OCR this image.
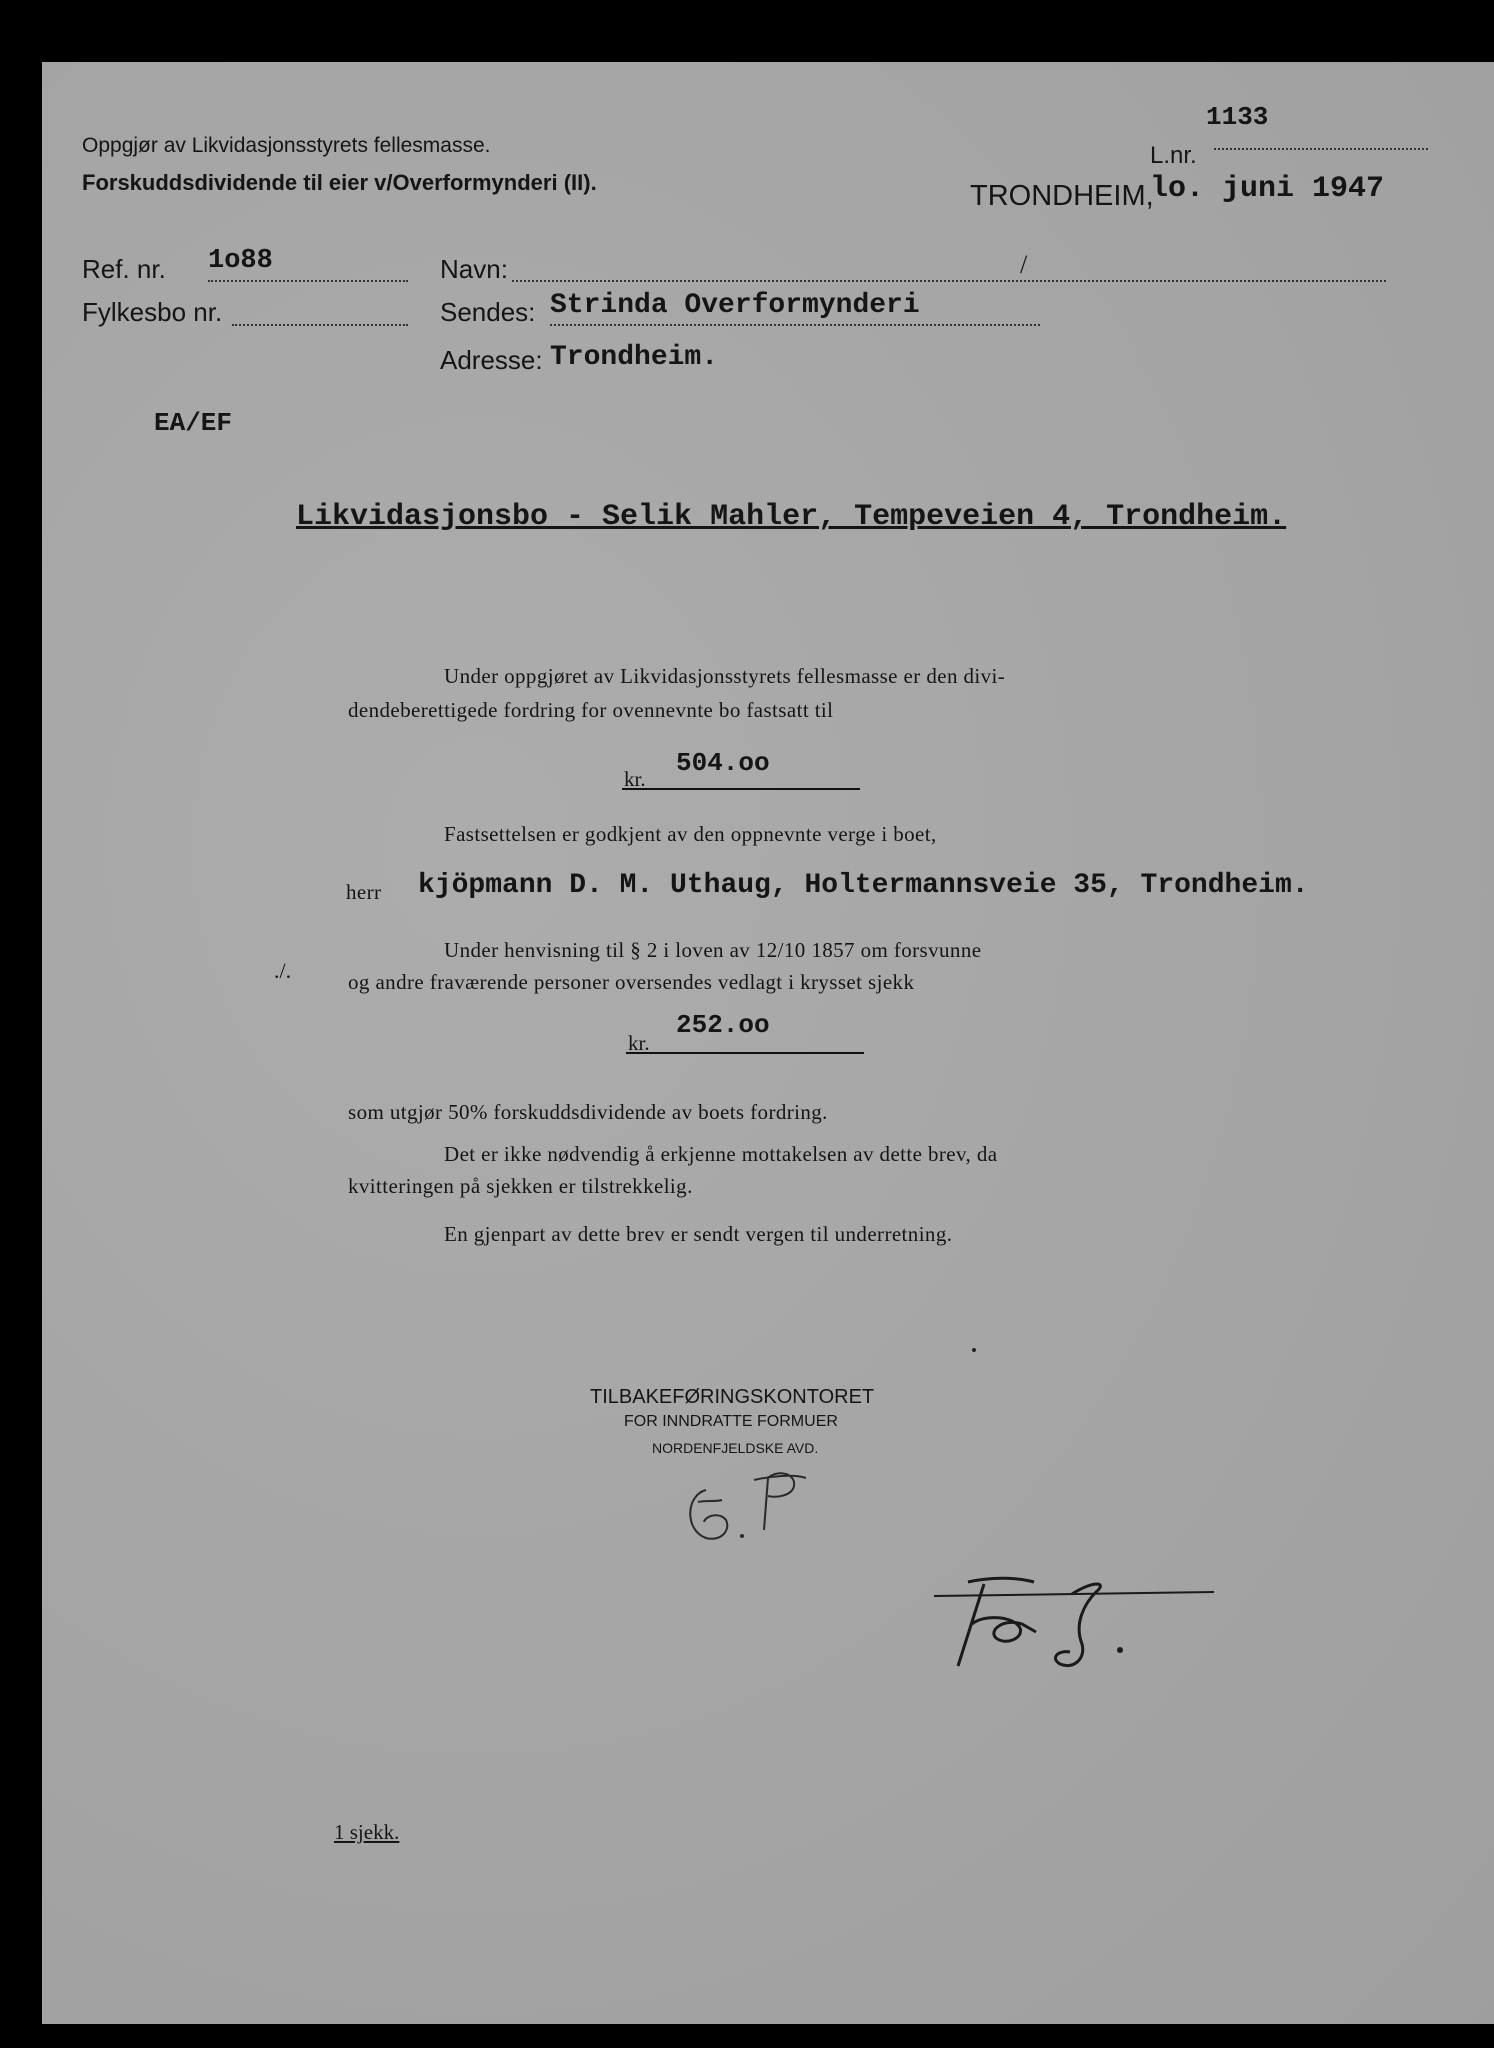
Oppgjør av Likvidasjonsstyrets fellesmasse.
Forskuddsdividende til eier v/Overformynderi (II).
L.nr.
1133
TRONDHEIM,
lo. juni 1947
Ref. nr. 1o88
Fylkesbo nr.
Navn:	/
Sendes: Strinda Overformynderi
Adresse: Trondheim.
EA/EF
Likvidasjonsbo - Selik Mahler, Tempeveien 4, Trondheim.
Under oppgjøret av Likvidasjonsstyrets fellesmasse er den divi-
dendeberettigede fordring for ovennevnte bo fastsatt til
kr.
504.oo
Fastsettelsen er godkjent av den oppnevnte verge i boet,
herr kjöpmann D. M. Uthaug, Holtermannsveie 35, Trondheim.
Under henvisning til § 2 i loven av 12/10 1857 om forsvunne
og andre fraværende personer oversendes vedlagt i krysset sjekk
./.
kr.
252.oo
som utgjør 50% forskuddsdividende av boets fordring.
Det er ikke nødvendig å erkjenne mottakelsen av dette brev, da
kvitteringen på sjekken er tilstrekkelig.
En gjenpart av dette brev er sendt vergen til underretning.
TILBAKEFØRINGSKONTORET
FOR INNDRATTE FORMUER
NORDENFJELDSKE AVD.
1 sjekk.
